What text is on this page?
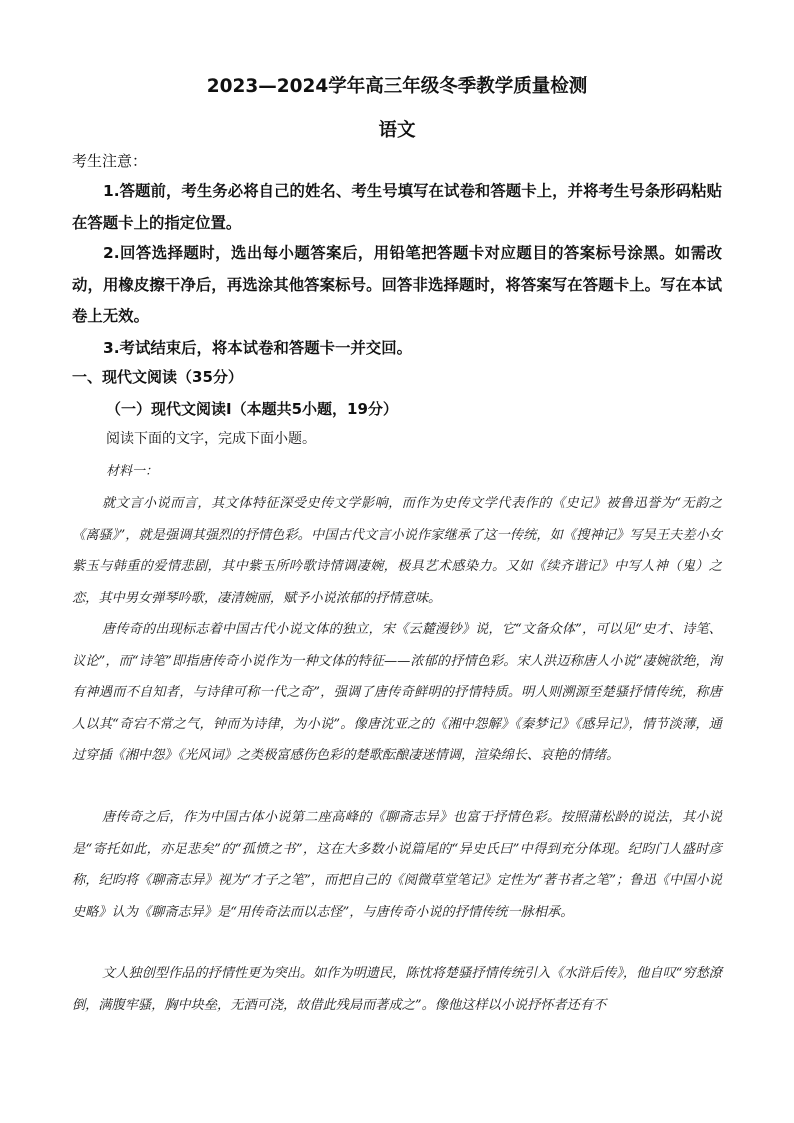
2023—2024学年高三年级冬季教学质量检测
语文
考生注意：
1.答题前，考生务必将自己的姓名、考生号填写在试卷和答题卡上，并将考生号条形码粘贴在答题卡上的指定位置。
2.回答选择题时，选出每小题答案后，用铅笔把答题卡对应题目的答案标号涂黑。如需改动，用橡皮擦干净后，再选涂其他答案标号。回答非选择题时，将答案写在答题卡上。写在本试卷上无效。
3.考试结束后，将本试卷和答题卡一并交回。
一、现代文阅读（35分）
（一）现代文阅读Ⅰ（本题共5小题，19分）
阅读下面的文字，完成下面小题。
材料一：
就文言小说而言，其文体特征深受史传文学影响，而作为史传文学代表作的《史记》被鲁迅誉为“无韵之《离骚》”，就是强调其强烈的抒情色彩。中国古代文言小说作家继承了这一传统，如《搜神记》写吴王夫差小女紫玉与韩重的爱情悲剧，其中紫玉所吟歌诗情调凄婉，极具艺术感染力。又如《续齐谐记》中写人神（鬼）之恋，其中男女弹琴吟歌，凄清婉丽，赋予小说浓郁的抒情意味。
唐传奇的出现标志着中国古代小说文体的独立，宋《云麓漫钞》说，它“文备众体”，可以见“史才、诗笔、议论”，而“诗笔”即指唐传奇小说作为一种文体的特征——浓郁的抒情色彩。宋人洪迈称唐人小说“凄婉欲绝，洵有神遇而不自知者，与诗律可称一代之奇”，强调了唐传奇鲜明的抒情特质。明人则溯源至楚骚抒情传统，称唐人以其“奇宕不常之气，钟而为诗律，为小说”。像唐沈亚之的《湘中怨解》《秦梦记》《感异记》，情节淡薄，通过穿插《湘中怨》《光风词》之类极富感伤色彩的楚歌酝酿凄迷情调，渲染绵长、哀艳的情绪。
唐传奇之后，作为中国古体小说第二座高峰的《聊斋志异》也富于抒情色彩。按照蒲松龄的说法，其小说是“寄托如此，亦足悲矣”的“孤愤之书”，这在大多数小说篇尾的“异史氏曰”中得到充分体现。纪昀门人盛时彦称，纪昀将《聊斋志异》视为“才子之笔”，而把自己的《阅微草堂笔记》定性为“著书者之笔”；鲁迅《中国小说史略》认为《聊斋志异》是“用传奇法而以志怪”，与唐传奇小说的抒情传统一脉相承。
文人独创型作品的抒情性更为突出。如作为明遗民，陈忱将楚骚抒情传统引入《水浒后传》，他自叹“穷愁潦倒，满腹牢骚，胸中块垒，无酒可浇，故借此残局而著成之”。像他这样以小说抒怀者还有不
